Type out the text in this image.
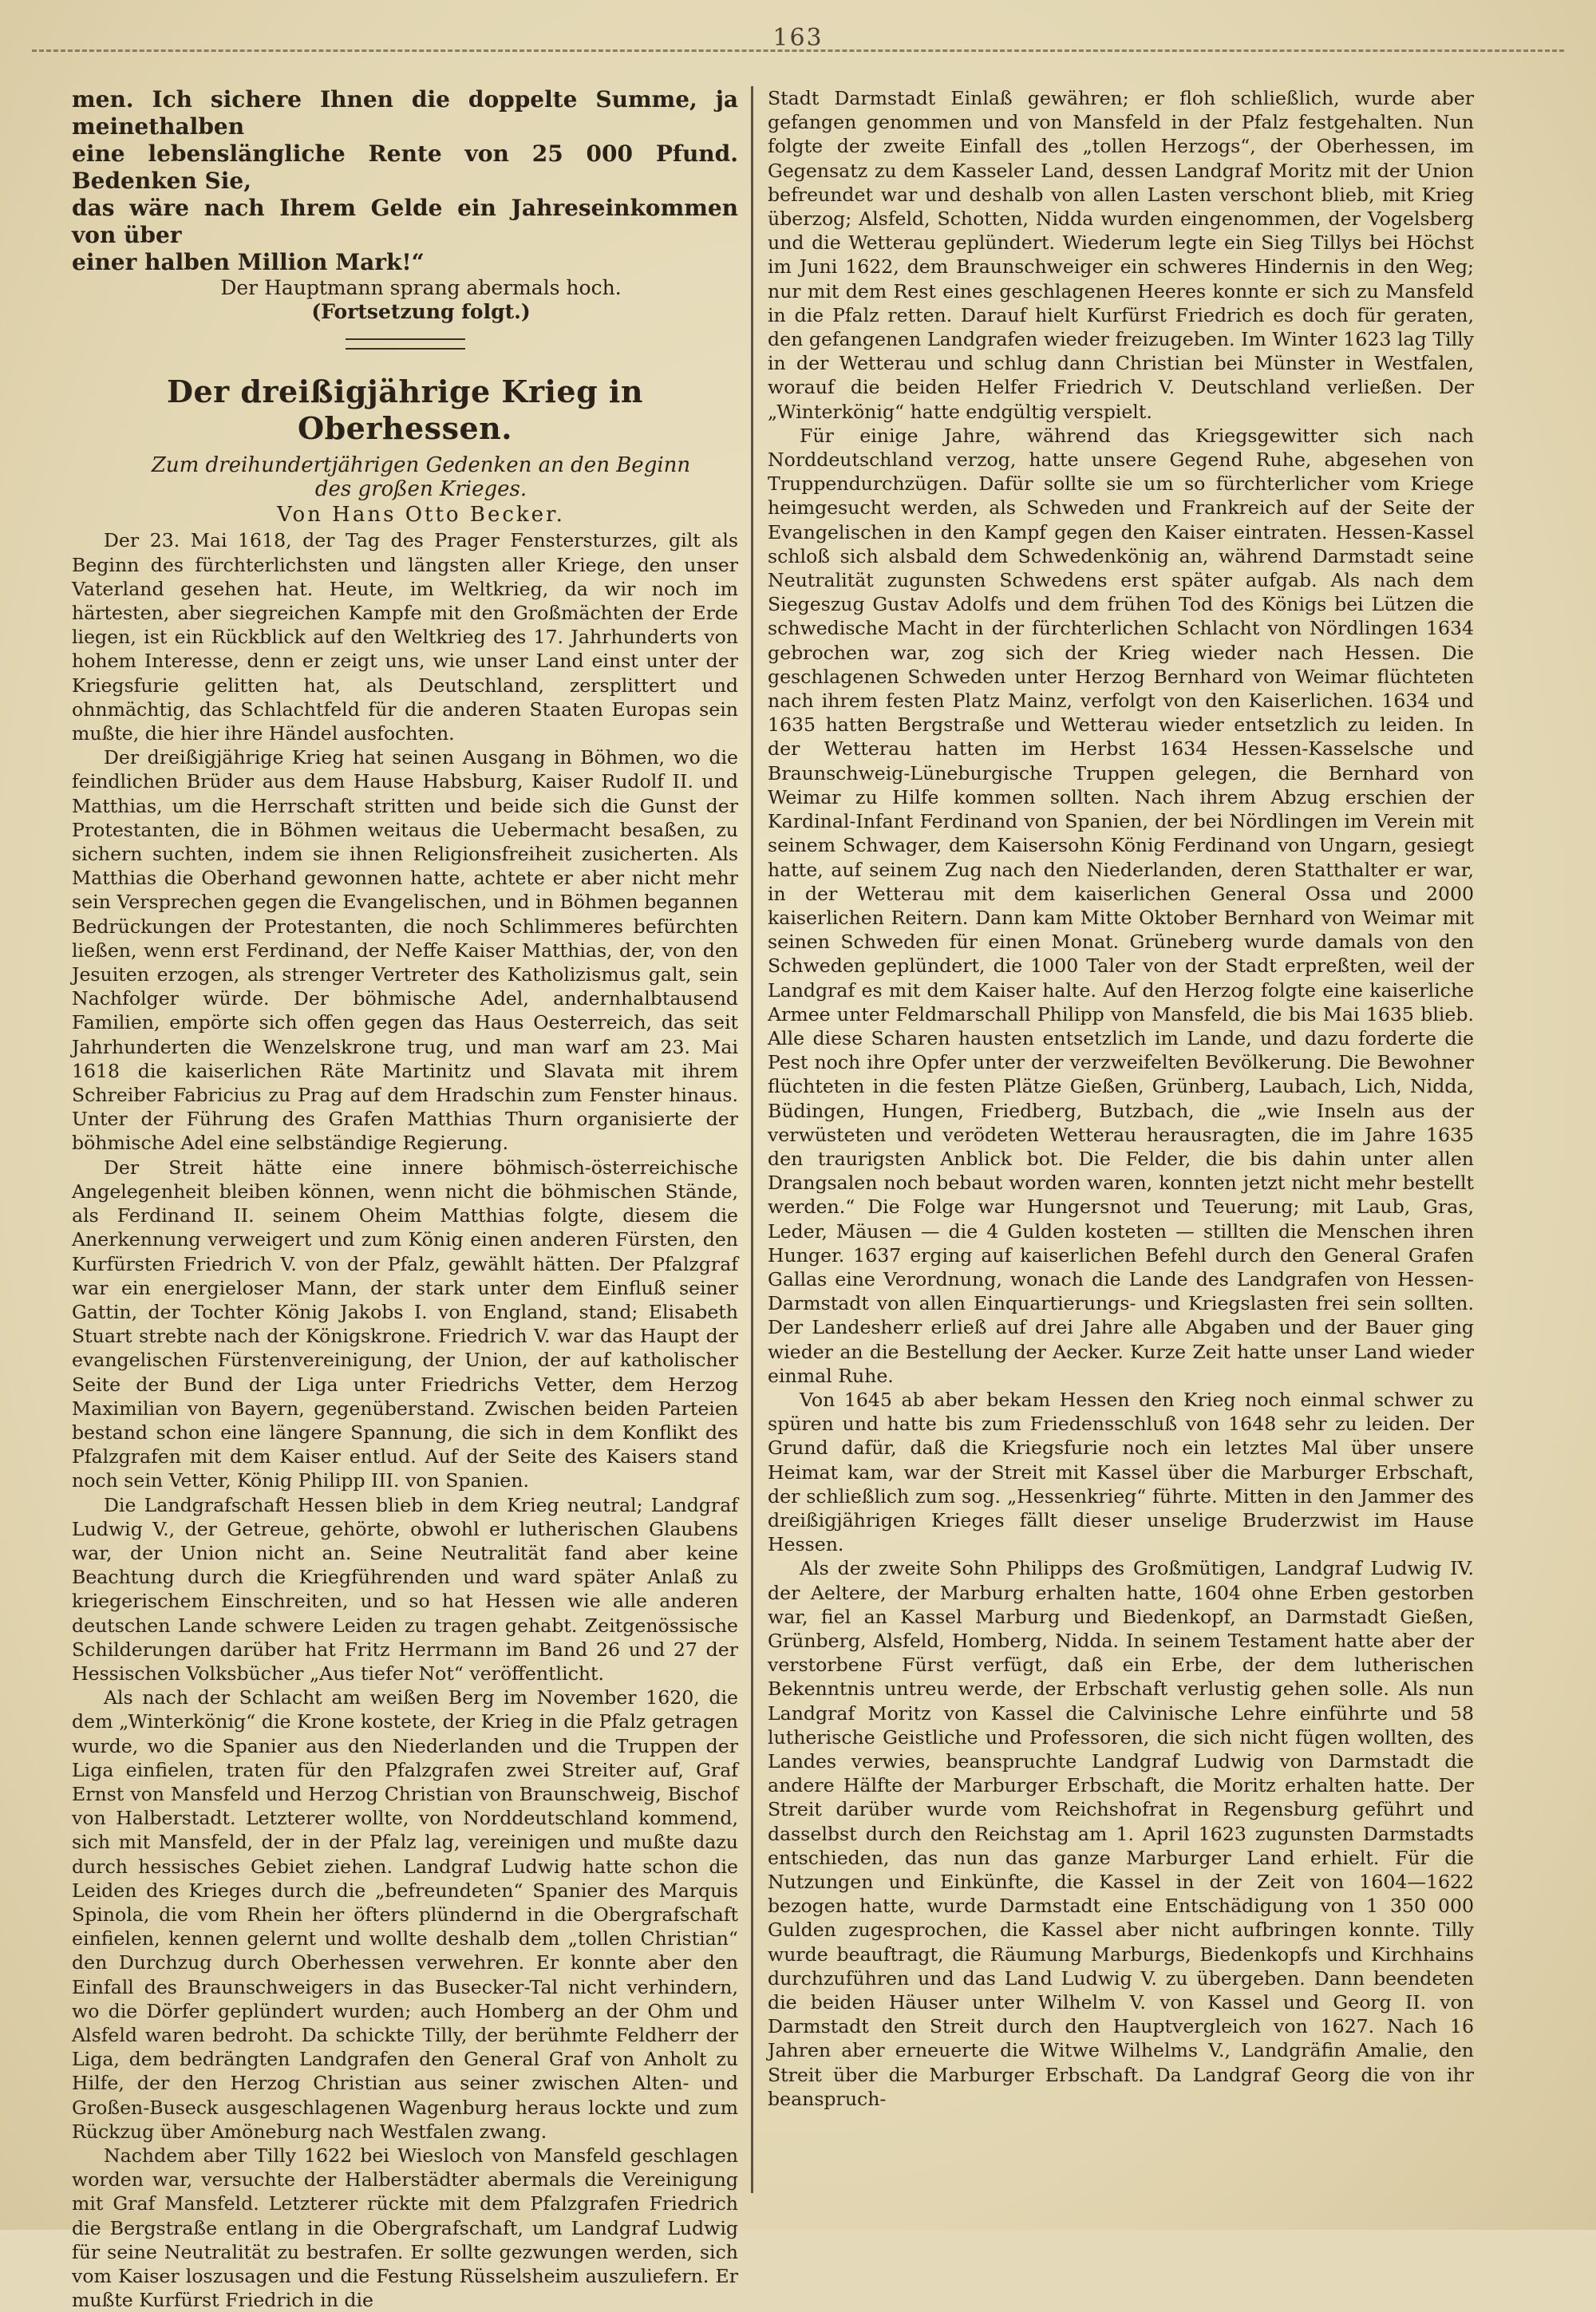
163

men. Ich sichere Ihnen die doppelte Summe, ja meinethalben

eine lebenslängliche Rente von 25 000 Pfund. Bedenken Sie,

das wäre nach Ihrem Gelde ein Jahreseinkommen von über

einer halben Million Mark!“

Der Hauptmann sprang abermals hoch.

(Fortsetzung folgt.)

Der dreißigjährige Krieg in Oberhessen.

Zum dreihundertjährigen Gedenken an den Beginn

des großen Krieges.

Von Hans Otto Becker.

Der 23. Mai 1618, der Tag des Prager Fenstersturzes, gilt als Beginn des fürchterlichsten und längsten aller Kriege, den unser Vaterland gesehen hat. Heute, im Weltkrieg, da wir noch im härtesten, aber siegreichen Kampfe mit den Großmächten der Erde liegen, ist ein Rückblick auf den Weltkrieg des 17. Jahrhunderts von hohem Interesse, denn er zeigt uns, wie unser Land einst unter der Kriegsfurie gelitten hat, als Deutschland, zersplittert und ohnmächtig, das Schlachtfeld für die anderen Staaten Europas sein mußte, die hier ihre Händel ausfochten.

Der dreißigjährige Krieg hat seinen Ausgang in Böhmen, wo die feindlichen Brüder aus dem Hause Habsburg, Kaiser Rudolf II. und Matthias, um die Herrschaft stritten und beide sich die Gunst der Protestanten, die in Böhmen weitaus die Uebermacht besaßen, zu sichern suchten, indem sie ihnen Religionsfreiheit zusicherten. Als Matthias die Oberhand gewonnen hatte, achtete er aber nicht mehr sein Versprechen gegen die Evangelischen, und in Böhmen begannen Bedrückungen der Protestanten, die noch Schlimmeres befürchten ließen, wenn erst Ferdinand, der Neffe Kaiser Matthias, der, von den Jesuiten erzogen, als strenger Vertreter des Katholizismus galt, sein Nachfolger würde. Der böhmische Adel, andernhalbtausend Familien, empörte sich offen gegen das Haus Oesterreich, das seit Jahrhunderten die Wenzelskrone trug, und man warf am 23. Mai 1618 die kaiserlichen Räte Martinitz und Slavata mit ihrem Schreiber Fabricius zu Prag auf dem Hradschin zum Fenster hinaus. Unter der Führung des Grafen Matthias Thurn organisierte der böhmische Adel eine selbständige Regierung.

Der Streit hätte eine innere böhmisch-österreichische Angelegenheit bleiben können, wenn nicht die böhmischen Stände, als Ferdinand II. seinem Oheim Matthias folgte, diesem die Anerkennung verweigert und zum König einen anderen Fürsten, den Kurfürsten Friedrich V. von der Pfalz, gewählt hätten. Der Pfalzgraf war ein energieloser Mann, der stark unter dem Einfluß seiner Gattin, der Tochter König Jakobs I. von England, stand; Elisabeth Stuart strebte nach der Königskrone. Friedrich V. war das Haupt der evangelischen Fürstenvereinigung, der Union, der auf katholischer Seite der Bund der Liga unter Friedrichs Vetter, dem Herzog Maximilian von Bayern, gegenüberstand. Zwischen beiden Parteien bestand schon eine längere Spannung, die sich in dem Konflikt des Pfalzgrafen mit dem Kaiser entlud. Auf der Seite des Kaisers stand noch sein Vetter, König Philipp III. von Spanien.

Die Landgrafschaft Hessen blieb in dem Krieg neutral; Landgraf Ludwig V., der Getreue, gehörte, obwohl er lutherischen Glaubens war, der Union nicht an. Seine Neutralität fand aber keine Beachtung durch die Kriegführenden und ward später Anlaß zu kriegerischem Einschreiten, und so hat Hessen wie alle anderen deutschen Lande schwere Leiden zu tragen gehabt. Zeitgenössische Schilderungen darüber hat Fritz Herrmann im Band 26 und 27 der Hessischen Volksbücher „Aus tiefer Not“ veröffentlicht.

Als nach der Schlacht am weißen Berg im November 1620, die dem „Winterkönig“ die Krone kostete, der Krieg in die Pfalz getragen wurde, wo die Spanier aus den Niederlanden und die Truppen der Liga einfielen, traten für den Pfalzgrafen zwei Streiter auf, Graf Ernst von Mansfeld und Herzog Christian von Braunschweig, Bischof von Halberstadt. Letzterer wollte, von Norddeutschland kommend, sich mit Mansfeld, der in der Pfalz lag, vereinigen und mußte dazu durch hessisches Gebiet ziehen. Landgraf Ludwig hatte schon die Leiden des Krieges durch die „befreundeten“ Spanier des Marquis Spinola, die vom Rhein her öfters plündernd in die Obergrafschaft einfielen, kennen gelernt und wollte deshalb dem „tollen Christian“ den Durchzug durch Oberhessen verwehren. Er konnte aber den Einfall des Braunschweigers in das Busecker-Tal nicht verhindern, wo die Dörfer geplündert wurden; auch Homberg an der Ohm und Alsfeld waren bedroht. Da schickte Tilly, der berühmte Feldherr der Liga, dem bedrängten Landgrafen den General Graf von Anholt zu Hilfe, der den Herzog Christian aus seiner zwischen Alten- und Großen-Buseck ausgeschlagenen Wagenburg heraus lockte und zum Rückzug über Amöneburg nach Westfalen zwang.

Nachdem aber Tilly 1622 bei Wiesloch von Mansfeld geschlagen worden war, versuchte der Halberstädter abermals die Vereinigung mit Graf Mansfeld. Letzterer rückte mit dem Pfalzgrafen Friedrich die Bergstraße entlang in die Obergrafschaft, um Landgraf Ludwig für seine Neutralität zu bestrafen. Er sollte gezwungen werden, sich vom Kaiser loszusagen und die Festung Rüsselsheim auszuliefern. Er mußte Kurfürst Friedrich in die

Stadt Darmstadt Einlaß gewähren; er floh schließlich, wurde aber gefangen genommen und von Mansfeld in der Pfalz festgehalten. Nun folgte der zweite Einfall des „tollen Herzogs“, der Oberhessen, im Gegensatz zu dem Kasseler Land, dessen Landgraf Moritz mit der Union befreundet war und deshalb von allen Lasten verschont blieb, mit Krieg überzog; Alsfeld, Schotten, Nidda wurden eingenommen, der Vogelsberg und die Wetterau geplündert. Wiederum legte ein Sieg Tillys bei Höchst im Juni 1622, dem Braunschweiger ein schweres Hindernis in den Weg; nur mit dem Rest eines geschlagenen Heeres konnte er sich zu Mansfeld in die Pfalz retten. Darauf hielt Kurfürst Friedrich es doch für geraten, den gefangenen Landgrafen wieder freizugeben. Im Winter 1623 lag Tilly in der Wetterau und schlug dann Christian bei Münster in Westfalen, worauf die beiden Helfer Friedrich V. Deutschland verließen. Der „Winterkönig“ hatte endgültig verspielt.

Für einige Jahre, während das Kriegsgewitter sich nach Norddeutschland verzog, hatte unsere Gegend Ruhe, abgesehen von Truppendurchzügen. Dafür sollte sie um so fürchterlicher vom Kriege heimgesucht werden, als Schweden und Frankreich auf der Seite der Evangelischen in den Kampf gegen den Kaiser eintraten. Hessen-Kassel schloß sich alsbald dem Schwedenkönig an, während Darmstadt seine Neutralität zugunsten Schwedens erst später aufgab. Als nach dem Siegeszug Gustav Adolfs und dem frühen Tod des Königs bei Lützen die schwedische Macht in der fürchterlichen Schlacht von Nördlingen 1634 gebrochen war, zog sich der Krieg wieder nach Hessen. Die geschlagenen Schweden unter Herzog Bernhard von Weimar flüchteten nach ihrem festen Platz Mainz, verfolgt von den Kaiserlichen. 1634 und 1635 hatten Bergstraße und Wetterau wieder entsetzlich zu leiden. In der Wetterau hatten im Herbst 1634 Hessen-Kasselsche und Braunschweig-Lüneburgische Truppen gelegen, die Bernhard von Weimar zu Hilfe kommen sollten. Nach ihrem Abzug erschien der Kardinal-Infant Ferdinand von Spanien, der bei Nördlingen im Verein mit seinem Schwager, dem Kaisersohn König Ferdinand von Ungarn, gesiegt hatte, auf seinem Zug nach den Niederlanden, deren Statthalter er war, in der Wetterau mit dem kaiserlichen General Ossa und 2000 kaiserlichen Reitern. Dann kam Mitte Oktober Bernhard von Weimar mit seinen Schweden für einen Monat. Grüneberg wurde damals von den Schweden geplündert, die 1000 Taler von der Stadt erpreßten, weil der Landgraf es mit dem Kaiser halte. Auf den Herzog folgte eine kaiserliche Armee unter Feldmarschall Philipp von Mansfeld, die bis Mai 1635 blieb. Alle diese Scharen hausten entsetzlich im Lande, und dazu forderte die Pest noch ihre Opfer unter der verzweifelten Bevölkerung. Die Bewohner flüchteten in die festen Plätze Gießen, Grünberg, Laubach, Lich, Nidda, Büdingen, Hungen, Friedberg, Butzbach, die „wie Inseln aus der verwüsteten und verödeten Wetterau herausragten, die im Jahre 1635 den traurigsten Anblick bot. Die Felder, die bis dahin unter allen Drangsalen noch bebaut worden waren, konnten jetzt nicht mehr bestellt werden.“ Die Folge war Hungersnot und Teuerung; mit Laub, Gras, Leder, Mäusen — die 4 Gulden kosteten — stillten die Menschen ihren Hunger. 1637 erging auf kaiserlichen Befehl durch den General Grafen Gallas eine Verordnung, wonach die Lande des Landgrafen von Hessen-Darmstadt von allen Einquartierungs- und Kriegslasten frei sein sollten. Der Landesherr erließ auf drei Jahre alle Abgaben und der Bauer ging wieder an die Bestellung der Aecker. Kurze Zeit hatte unser Land wieder einmal Ruhe.

Von 1645 ab aber bekam Hessen den Krieg noch einmal schwer zu spüren und hatte bis zum Friedensschluß von 1648 sehr zu leiden. Der Grund dafür, daß die Kriegsfurie noch ein letztes Mal über unsere Heimat kam, war der Streit mit Kassel über die Marburger Erbschaft, der schließlich zum sog. „Hessenkrieg“ führte. Mitten in den Jammer des dreißigjährigen Krieges fällt dieser unselige Bruderzwist im Hause Hessen.

Als der zweite Sohn Philipps des Großmütigen, Landgraf Ludwig IV. der Aeltere, der Marburg erhalten hatte, 1604 ohne Erben gestorben war, fiel an Kassel Marburg und Biedenkopf, an Darmstadt Gießen, Grünberg, Alsfeld, Homberg, Nidda. In seinem Testament hatte aber der verstorbene Fürst verfügt, daß ein Erbe, der dem lutherischen Bekenntnis untreu werde, der Erbschaft verlustig gehen solle. Als nun Landgraf Moritz von Kassel die Calvinische Lehre einführte und 58 lutherische Geistliche und Professoren, die sich nicht fügen wollten, des Landes verwies, beanspruchte Landgraf Ludwig von Darmstadt die andere Hälfte der Marburger Erbschaft, die Moritz erhalten hatte. Der Streit darüber wurde vom Reichshofrat in Regensburg geführt und dasselbst durch den Reichstag am 1. April 1623 zugunsten Darmstadts entschieden, das nun das ganze Marburger Land erhielt. Für die Nutzungen und Einkünfte, die Kassel in der Zeit von 1604—1622 bezogen hatte, wurde Darmstadt eine Entschädigung von 1 350 000 Gulden zugesprochen, die Kassel aber nicht aufbringen konnte. Tilly wurde beauftragt, die Räumung Marburgs, Biedenkopfs und Kirchhains durchzuführen und das Land Ludwig V. zu übergeben. Dann beendeten die beiden Häuser unter Wilhelm V. von Kassel und Georg II. von Darmstadt den Streit durch den Hauptvergleich von 1627. Nach 16 Jahren aber erneuerte die Witwe Wilhelms V., Landgräfin Amalie, den Streit über die Marburger Erbschaft. Da Landgraf Georg die von ihr beanspruch-
